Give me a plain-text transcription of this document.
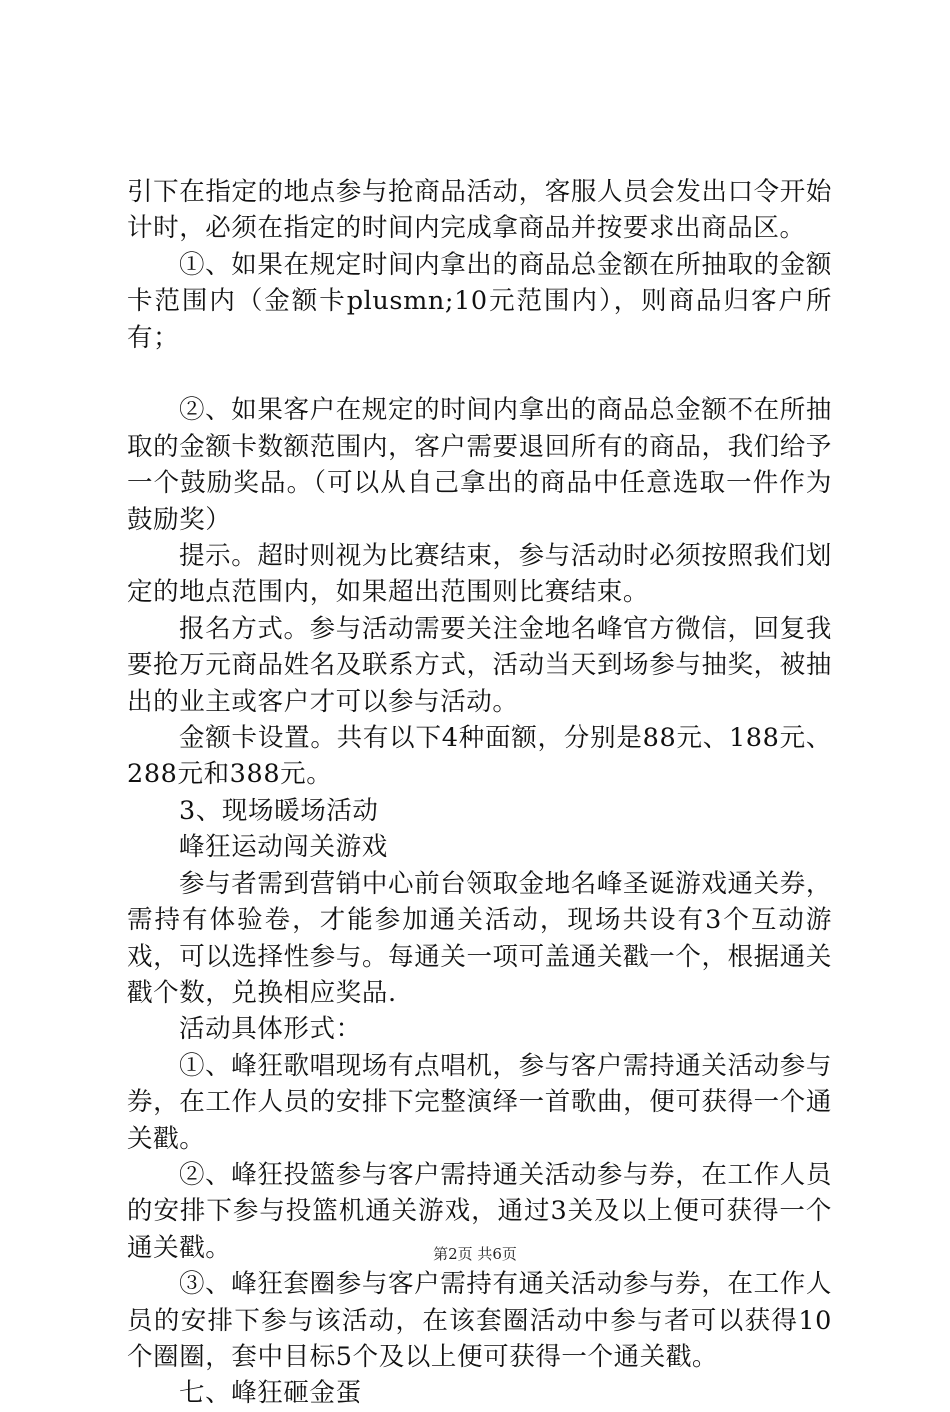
引下在指定的地点参与抢商品活动，客服人员会发出口令开始计时，必须在指定的时间内完成拿商品并按要求出商品区。

①、如果在规定时间内拿出的商品总金额在所抽取的金额卡范围内（金额卡plusmn;10元范围内），则商品归客户所有；

②、如果客户在规定的时间内拿出的商品总金额不在所抽取的金额卡数额范围内，客户需要退回所有的商品，我们给予一个鼓励奖品。（可以从自己拿出的商品中任意选取一件作为鼓励奖）

提示。超时则视为比赛结束，参与活动时必须按照我们划定的地点范围内，如果超出范围则比赛结束。

报名方式。参与活动需要关注金地名峰官方微信，回复我要抢万元商品姓名及联系方式，活动当天到场参与抽奖，被抽出的业主或客户才可以参与活动。

金额卡设置。共有以下4种面额，分别是88元、188元、288元和388元。

3、现场暖场活动

峰狂运动闯关游戏

参与者需到营销中心前台领取金地名峰圣诞游戏通关券，需持有体验卷，才能参加通关活动，现场共设有3个互动游戏，可以选择性参与。每通关一项可盖通关戳一个，根据通关戳个数，兑换相应奖品.

活动具体形式：

①、峰狂歌唱现场有点唱机，参与客户需持通关活动参与券，在工作人员的安排下完整演绎一首歌曲，便可获得一个通关戳。

②、峰狂投篮参与客户需持通关活动参与券，在工作人员的安排下参与投篮机通关游戏，通过3关及以上便可获得一个通关戳。

③、峰狂套圈参与客户需持有通关活动参与券，在工作人员的安排下参与该活动，在该套圈活动中参与者可以获得10个圈圈，套中目标5个及以上便可获得一个通关戳。

七、峰狂砸金蛋

第2页 共6页
